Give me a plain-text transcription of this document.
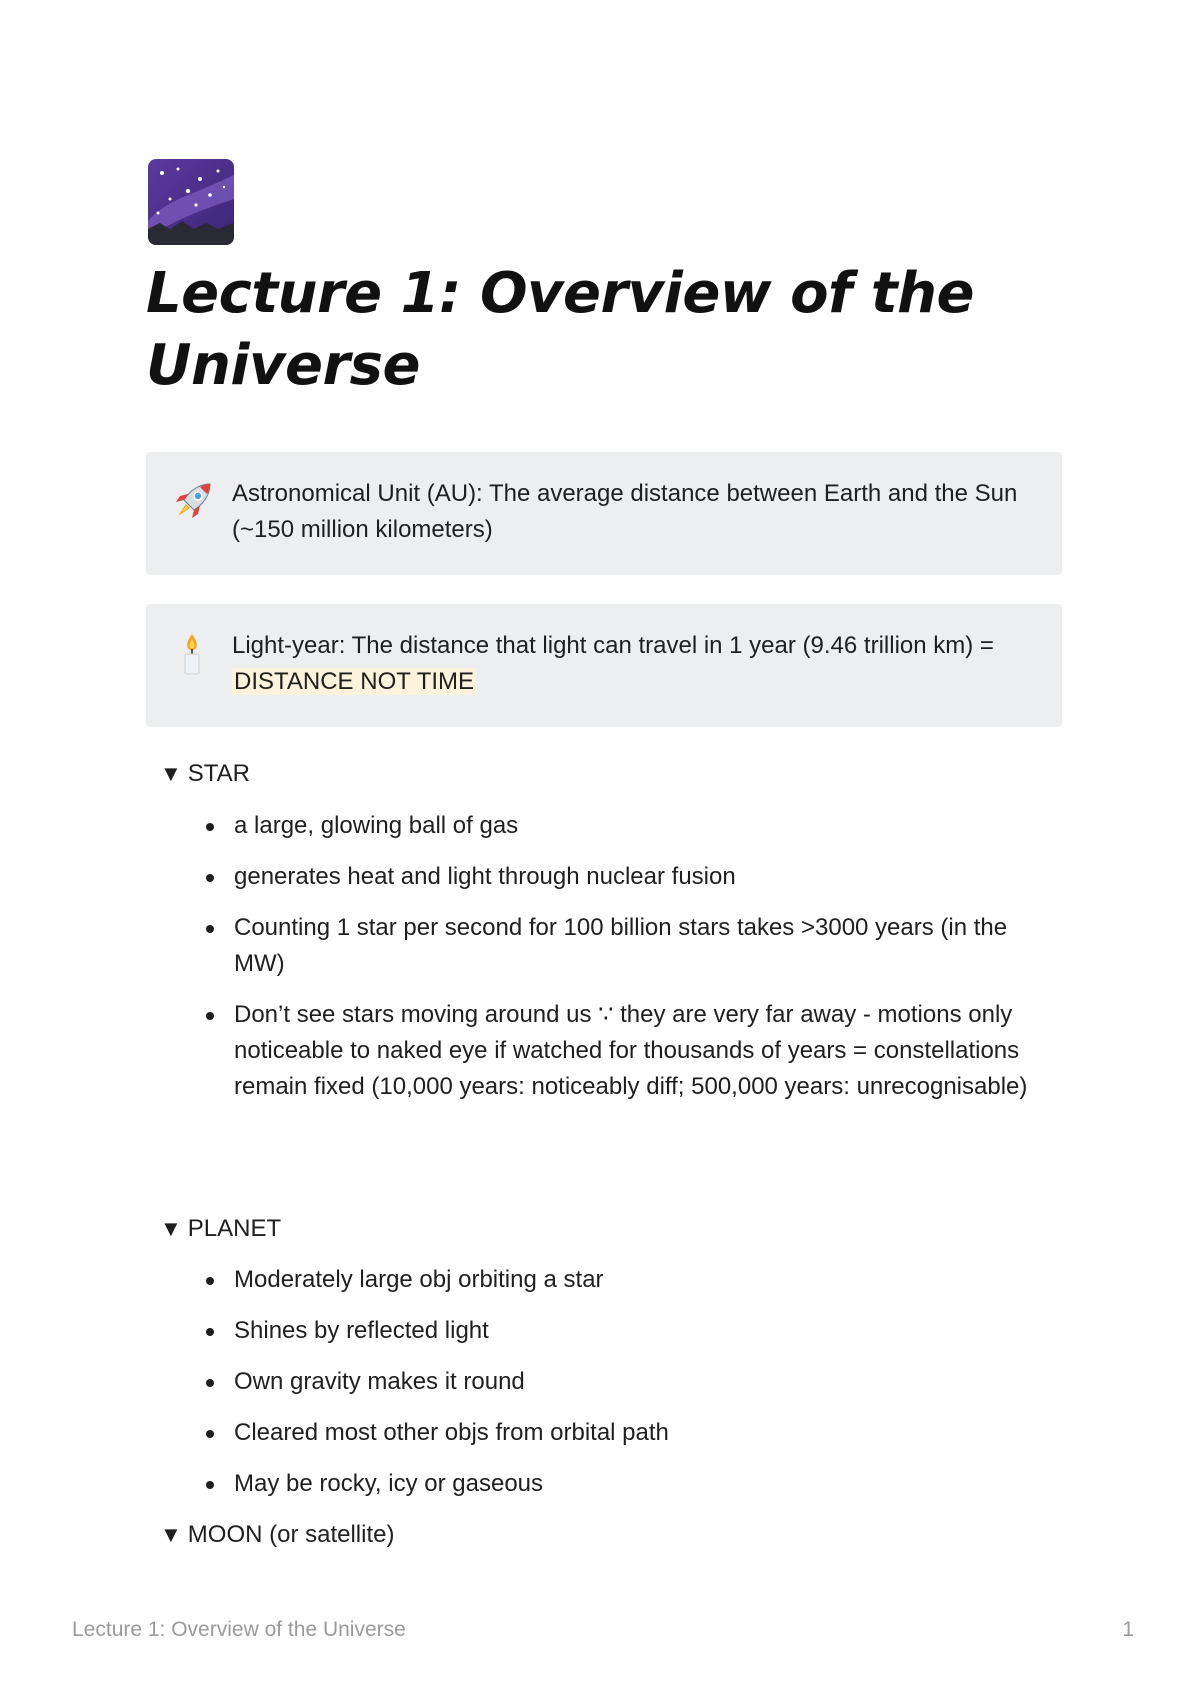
Lecture 1: Overview of the Universe
Astronomical Unit (AU): The average distance between Earth and the Sun (~150 million kilometers)
Light-year: The distance that light can travel in 1 year (9.46 trillion km) = DISTANCE NOT TIME
▼ STAR
a large, glowing ball of gas
generates heat and light through nuclear fusion
Counting 1 star per second for 100 billion stars takes >3000 years (in the MW)
Don’t see stars moving around us ∵ they are very far away - motions only noticeable to naked eye if watched for thousands of years = constellations remain fixed (10,000 years: noticeably diff; 500,000 years: unrecognisable)
▼ PLANET
Moderately large obj orbiting a star
Shines by reflected light
Own gravity makes it round
Cleared most other objs from orbital path
May be rocky, icy or gaseous
▼ MOON (or satellite)
Lecture 1: Overview of the Universe	1
